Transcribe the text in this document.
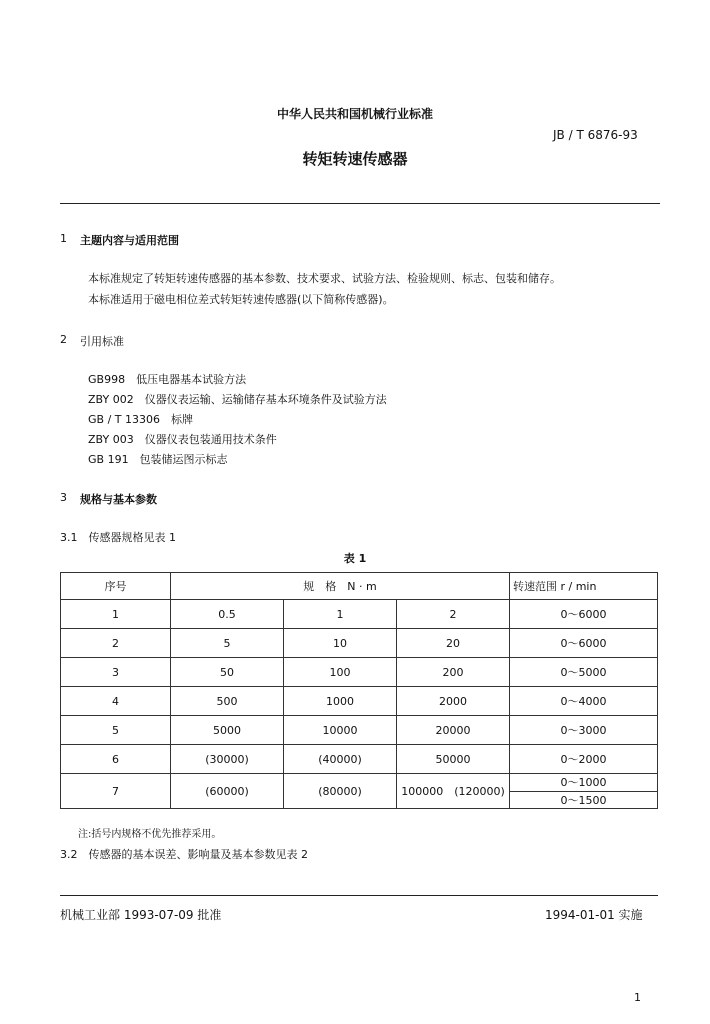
中华人民共和国机械行业标准
JB / T 6876-93
转矩转速传感器
1 主题内容与适用范围
本标准规定了转矩转速传感器的基本参数、技术要求、试验方法、检验规则、标志、包装和储存。
本标准适用于磁电相位差式转矩转速传感器(以下简称传感器)。
2 引用标准
GB998　低压电器基本试验方法
ZBY 002　仪器仪表运输、运输储存基本环境条件及试验方法
GB / T 13306　标牌
ZBY 003　仪器仪表包装通用技术条件
GB 191　包装储运图示标志
3 规格与基本参数
3.1　传感器规格见表 1
表 1
序号	规　格　N · m			转速范围 r / min
1	0.5	1	2	0～6000
2	5	10	20	0～6000
3	50	100	200	0～5000
4	500	1000	2000	0～4000
5	5000	10000	20000	0～3000
6	(30000)	(40000)	50000	0～2000
7	(60000)	(80000)	100000　(120000)	0～1000
0～1500
注:括号内规格不优先推荐采用。
3.2　传感器的基本误差、影响量及基本参数见表 2
机械工业部 1993-07-09 批准	1994-01-01 实施
1
